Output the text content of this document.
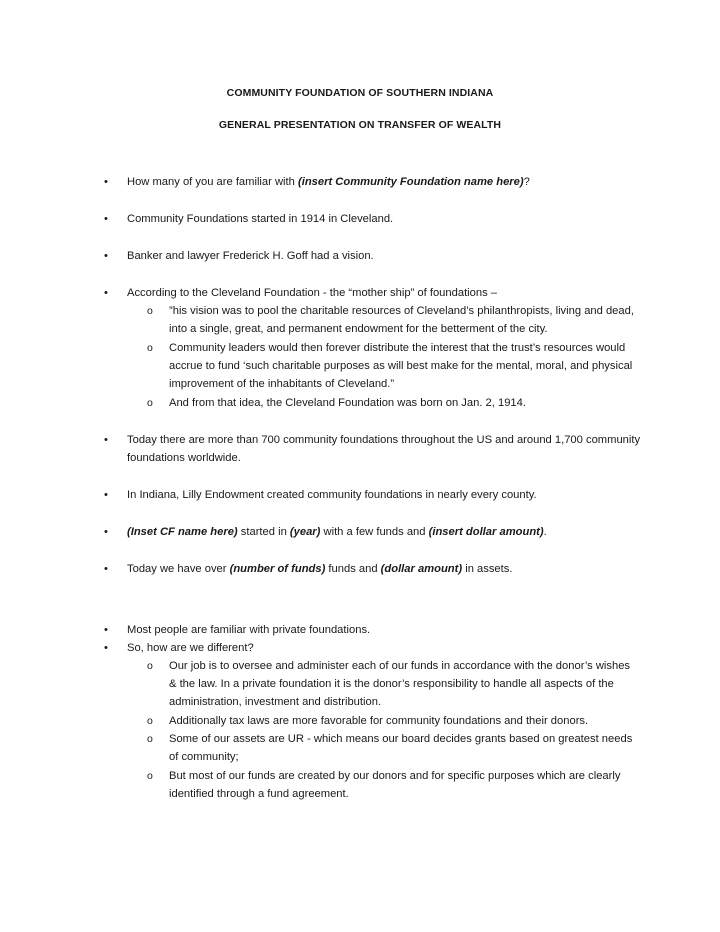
COMMUNITY FOUNDATION OF SOUTHERN INDIANA
GENERAL PRESENTATION ON TRANSFER OF WEALTH
• How many of you are familiar with (insert Community Foundation name here)?
• Community Foundations started in 1914 in Cleveland.
• Banker and lawyer Frederick H. Goff had a vision.
• According to the Cleveland Foundation - the “mother ship” of foundations –
o ”his vision was to pool the charitable resources of Cleveland’s philanthropists, living and dead, into a single, great, and permanent endowment for the betterment of the city.
o Community leaders would then forever distribute the interest that the trust’s resources would accrue to fund ‘such charitable purposes as will best make for the mental, moral, and physical improvement of the inhabitants of Cleveland.”
o And from that idea, the Cleveland Foundation was born on Jan. 2, 1914.
• Today there are more than 700 community foundations throughout the US and around 1,700 community foundations worldwide.
• In Indiana, Lilly Endowment created community foundations in nearly every county.
• (Inset CF name here) started in (year) with a few funds and (insert dollar amount).
• Today we have over (number of funds) funds and (dollar amount) in assets.
• Most people are familiar with private foundations.
• So, how are we different?
o Our job is to oversee and administer each of our funds in accordance with the donor’s wishes & the law. In a private foundation it is the donor’s responsibility to handle all aspects of the administration, investment and distribution.
o Additionally tax laws are more favorable for community foundations and their donors.
o Some of our assets are UR - which means our board decides grants based on greatest needs of community;
o But most of our funds are created by our donors and for specific purposes which are clearly identified through a fund agreement.
